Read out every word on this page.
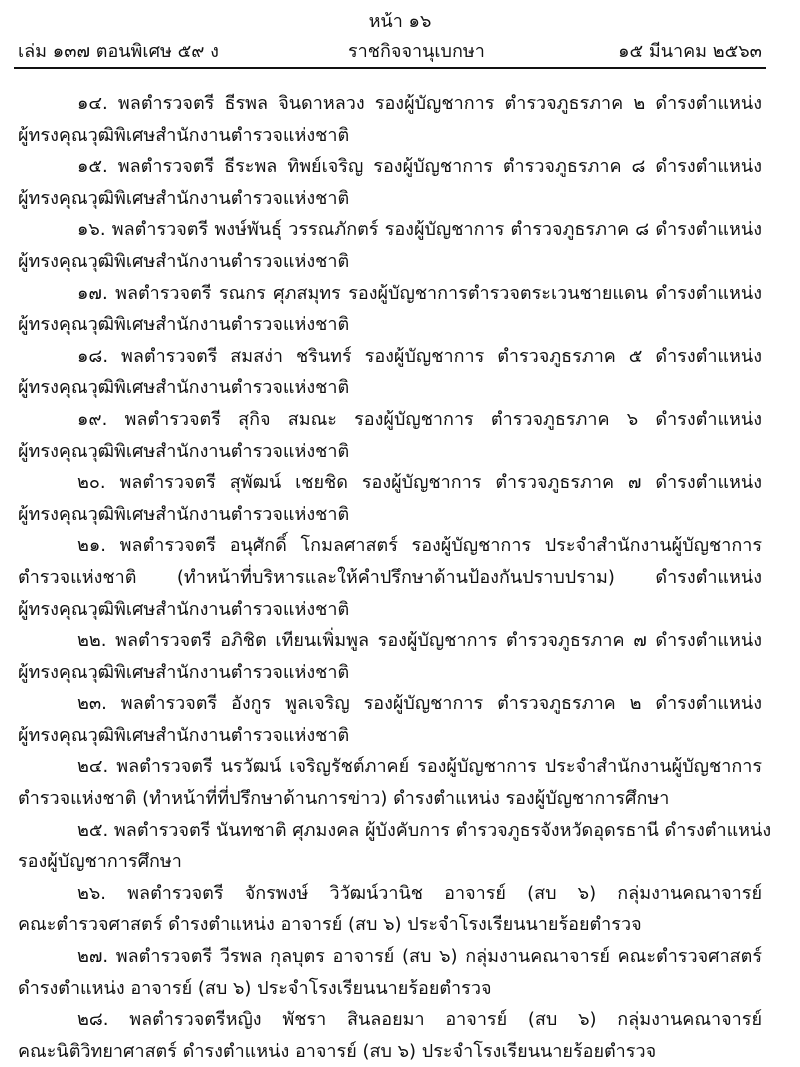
หน้า ๑๖
เล่ม ๑๓๗ ตอนพิเศษ ๕๙ ง	ราชกิจจานุเบกษา	๑๕ มีนาคม ๒๕๖๓
๑๔. พลตำรวจตรี ธีรพล จินดาหลวง รองผู้บัญชาการ ตำรวจภูธรภาค ๒ ดำรงตำแหน่ง
ผู้ทรงคุณวุฒิพิเศษสำนักงานตำรวจแห่งชาติ
๑๕. พลตำรวจตรี ธีระพล ทิพย์เจริญ รองผู้บัญชาการ ตำรวจภูธรภาค ๘ ดำรงตำแหน่ง
ผู้ทรงคุณวุฒิพิเศษสำนักงานตำรวจแห่งชาติ
๑๖. พลตำรวจตรี พงษ์พันธุ์ วรรณภักตร์ รองผู้บัญชาการ ตำรวจภูธรภาค ๘ ดำรงตำแหน่ง
ผู้ทรงคุณวุฒิพิเศษสำนักงานตำรวจแห่งชาติ
๑๗. พลตำรวจตรี รณกร ศุภสมุทร รองผู้บัญชาการตำรวจตระเวนชายแดน ดำรงตำแหน่ง
ผู้ทรงคุณวุฒิพิเศษสำนักงานตำรวจแห่งชาติ
๑๘. พลตำรวจตรี สมสง่า ชรินทร์ รองผู้บัญชาการ ตำรวจภูธรภาค ๕ ดำรงตำแหน่ง
ผู้ทรงคุณวุฒิพิเศษสำนักงานตำรวจแห่งชาติ
๑๙. พลตำรวจตรี สุกิจ สมณะ รองผู้บัญชาการ ตำรวจภูธรภาค ๖ ดำรงตำแหน่ง
ผู้ทรงคุณวุฒิพิเศษสำนักงานตำรวจแห่งชาติ
๒๐. พลตำรวจตรี สุพัฒน์ เชยชิด รองผู้บัญชาการ ตำรวจภูธรภาค ๗ ดำรงตำแหน่ง
ผู้ทรงคุณวุฒิพิเศษสำนักงานตำรวจแห่งชาติ
๒๑. พลตำรวจตรี อนุศักดิ์ โกมลศาสตร์ รองผู้บัญชาการ ประจำสำนักงานผู้บัญชาการ
ตำรวจแห่งชาติ (ทำหน้าที่บริหารและให้คำปรึกษาด้านป้องกันปราบปราม) ดำรงตำแหน่ง
ผู้ทรงคุณวุฒิพิเศษสำนักงานตำรวจแห่งชาติ
๒๒. พลตำรวจตรี อภิชิต เทียนเพิ่มพูล รองผู้บัญชาการ ตำรวจภูธรภาค ๗ ดำรงตำแหน่ง
ผู้ทรงคุณวุฒิพิเศษสำนักงานตำรวจแห่งชาติ
๒๓. พลตำรวจตรี อังกูร พูลเจริญ รองผู้บัญชาการ ตำรวจภูธรภาค ๒ ดำรงตำแหน่ง
ผู้ทรงคุณวุฒิพิเศษสำนักงานตำรวจแห่งชาติ
๒๔. พลตำรวจตรี นรวัฒน์ เจริญรัชต์ภาคย์ รองผู้บัญชาการ ประจำสำนักงานผู้บัญชาการ
ตำรวจแห่งชาติ (ทำหน้าที่ที่ปรึกษาด้านการข่าว) ดำรงตำแหน่ง รองผู้บัญชาการศึกษา
๒๕. พลตำรวจตรี นันทชาติ ศุภมงคล ผู้บังคับการ ตำรวจภูธรจังหวัดอุดรธานี ดำรงตำแหน่ง
รองผู้บัญชาการศึกษา
๒๖. พลตำรวจตรี จักรพงษ์ วิวัฒน์วานิช อาจารย์ (สบ ๖) กลุ่มงานคณาจารย์
คณะตำรวจศาสตร์ ดำรงตำแหน่ง อาจารย์ (สบ ๖) ประจำโรงเรียนนายร้อยตำรวจ
๒๗. พลตำรวจตรี วีรพล กุลบุตร อาจารย์ (สบ ๖) กลุ่มงานคณาจารย์ คณะตำรวจศาสตร์
ดำรงตำแหน่ง อาจารย์ (สบ ๖) ประจำโรงเรียนนายร้อยตำรวจ
๒๘. พลตำรวจตรีหญิง พัชรา สินลอยมา อาจารย์ (สบ ๖) กลุ่มงานคณาจารย์
คณะนิติวิทยาศาสตร์ ดำรงตำแหน่ง อาจารย์ (สบ ๖) ประจำโรงเรียนนายร้อยตำรวจ
